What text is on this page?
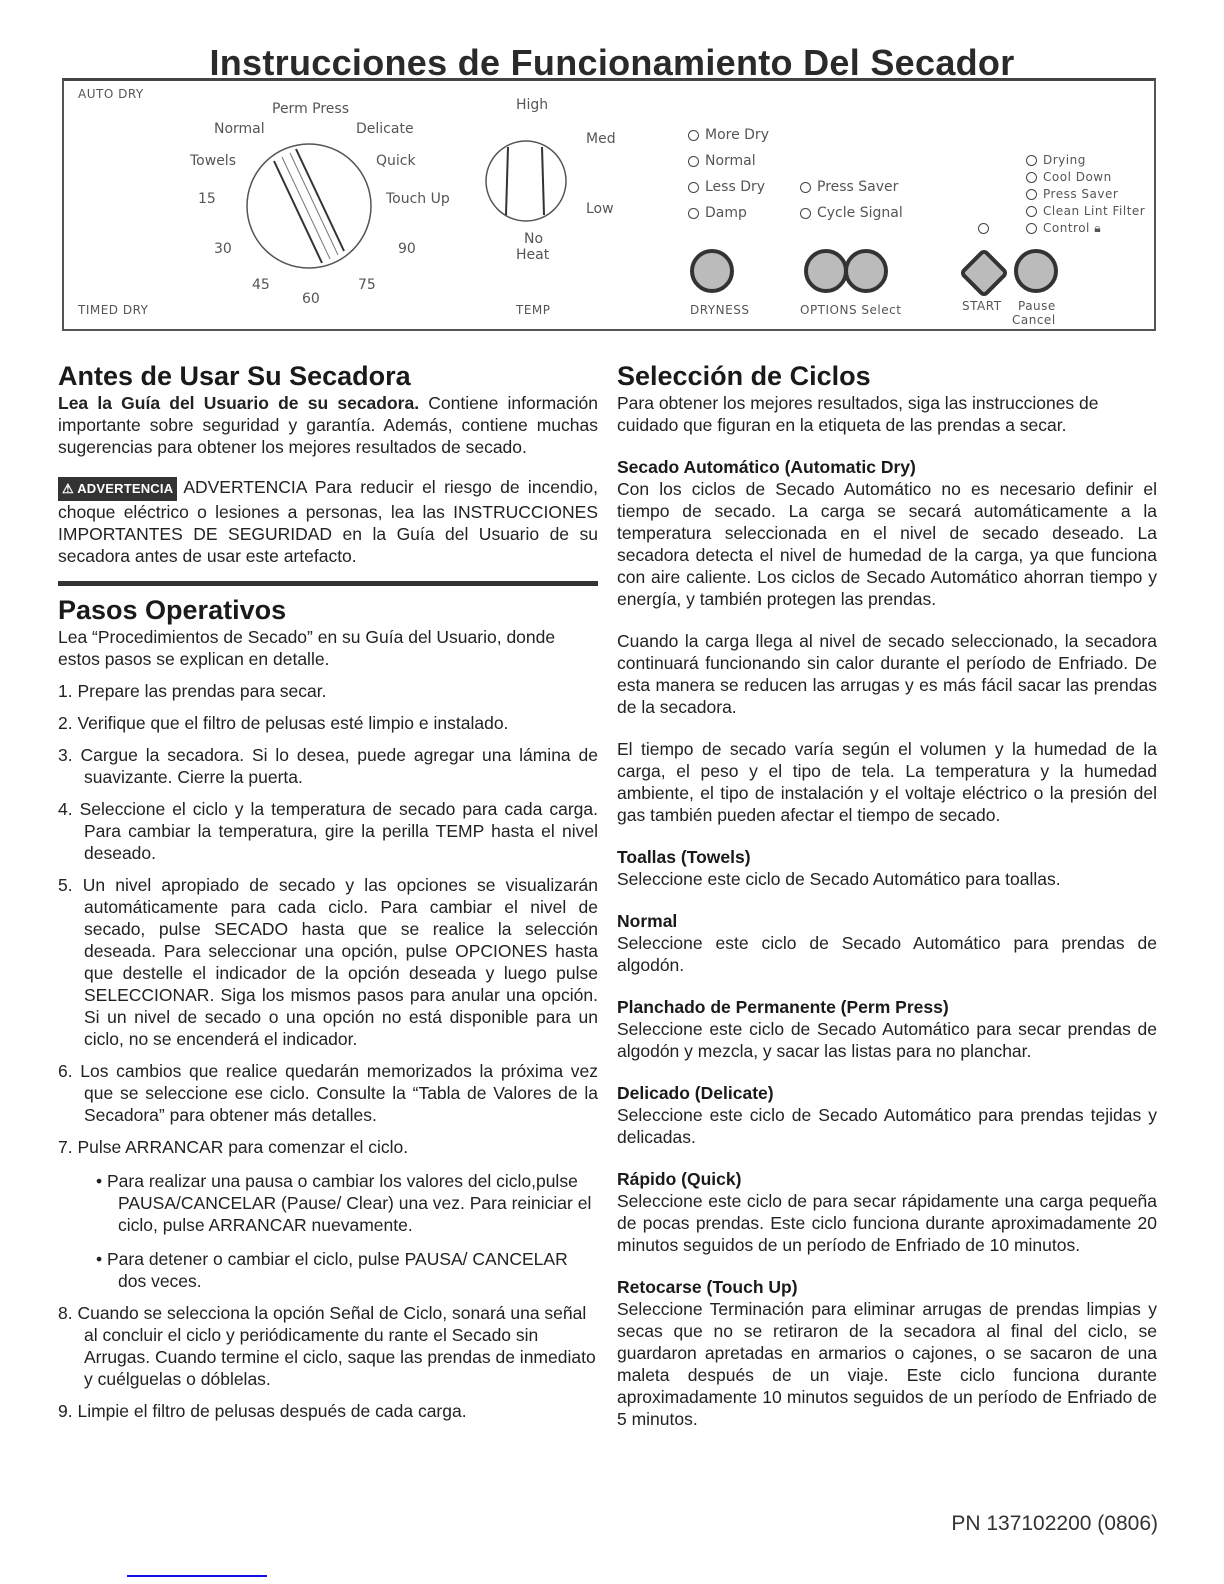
Instrucciones de Funcionamiento Del Secador
AUTO DRY
TIMED DRY
Perm Press
Normal	Delicate
Towels	Quick
Touch Up
15
30
45
60
75
90
High
Med
Low
No
Heat
TEMP
More Dry
Normal
Less Dry
Damp
DRYNESS
Press Saver
Cycle Signal
OPTIONS Select
Drying
Cool Down
Press Saver
Clean Lint Filter
Control 🔒︎
START Pause
Cancel
Antes de Usar Su Secadora

Lea la Guía del Usuario de su secadora. Contiene información importante sobre seguridad y garantía. Además, contiene muchas sugerencias para obtener los mejores resultados de secado.

⚠ ADVERTENCIA ADVERTENCIA Para reducir el riesgo de incendio, choque eléctrico o lesiones a personas, lea las INSTRUCCIONES IMPORTANTES DE SEGURIDAD en la Guía del Usuario de su secadora antes de usar este artefacto.

Pasos Operativos

Lea “Procedimientos de Secado” en su Guía del Usuario, donde estos pasos se explican en detalle.

1. Prepare las prendas para secar.

2. Verifique que el filtro de pelusas esté limpio e instalado.

3. Cargue la secadora. Si lo desea, puede agregar una lámina de suavizante. Cierre la puerta.

4. Seleccione el ciclo y la temperatura de secado para cada carga. Para cambiar la temperatura, gire la perilla TEMP hasta el nivel deseado.

5. Un nivel apropiado de secado y las opciones se visualizarán automáticamente para cada ciclo. Para cambiar el nivel de secado, pulse SECADO hasta que se realice la selección deseada. Para seleccionar una opción, pulse OPCIONES hasta que destelle el indicador de la opción deseada y luego pulse SELECCIONAR. Siga los mismos pasos para anular una opción. Si un nivel de secado o una opción no está disponible para un ciclo, no se encenderá el indicador.

6. Los cambios que realice quedarán memorizados la próxima vez que se seleccione ese ciclo. Consulte la “Tabla de Valores de la Secadora” para obtener más detalles.

7. Pulse ARRANCAR para comenzar el ciclo.

• Para realizar una pausa o cambiar los valores del ciclo,pulse PAUSA/CANCELAR (Pause/ Clear) una vez. Para reiniciar el ciclo, pulse ARRANCAR nuevamente.

• Para detener o cambiar el ciclo, pulse PAUSA/ CANCELAR dos veces.

8. Cuando se selecciona la opción Señal de Ciclo, sonará una señal al concluir el ciclo y periódicamente du rante el Secado sin Arrugas. Cuando termine el ciclo, saque las prendas de inmediato y cuélguelas o dóblelas.

9. Limpie el filtro de pelusas después de cada carga.

Selección de Ciclos

Para obtener los mejores resultados, siga las instrucciones de cuidado que figuran en la etiqueta de las prendas a secar.

Secado Automático (Automatic Dry)

Con los ciclos de Secado Automático no es necesario definir el tiempo de secado. La carga se secará automáticamente a la temperatura seleccionada en el nivel de secado deseado. La secadora detecta el nivel de humedad de la carga, ya que funciona con aire caliente. Los ciclos de Secado Automático ahorran tiempo y energía, y también protegen las prendas.

Cuando la carga llega al nivel de secado seleccionado, la secadora continuará funcionando sin calor durante el período de Enfriado. De esta manera se reducen las arrugas y es más fácil sacar las prendas de la secadora.

El tiempo de secado varía según el volumen y la humedad de la carga, el peso y el tipo de tela. La temperatura y la humedad ambiente, el tipo de instalación y el voltaje eléctrico o la presión del gas también pueden afectar el tiempo de secado.

Toallas (Towels)

Seleccione este ciclo de Secado Automático para toallas.

Normal

Seleccione este ciclo de Secado Automático para prendas de algodón.

Planchado de Permanente (Perm Press)

Seleccione este ciclo de Secado Automático para secar prendas de algodón y mezcla, y sacar las listas para no planchar.

Delicado (Delicate)

Seleccione este ciclo de Secado Automático para prendas tejidas y delicadas.

Rápido (Quick)

Seleccione este ciclo de para secar rápidamente una carga pequeña de pocas prendas. Este ciclo funciona durante aproximadamente 20 minutos seguidos de un período de Enfriado de 10 minutos.

Retocarse (Touch Up)

Seleccione Terminación para eliminar arrugas de prendas limpias y secas que no se retiraron de la secadora al final del ciclo, se guardaron apretadas en armarios o cajones, o se sacaron de una maleta después de un viaje. Este ciclo funciona durante aproximadamente 10 minutos seguidos de un período de Enfriado de 5 minutos.

PN 137102200 (0806)
